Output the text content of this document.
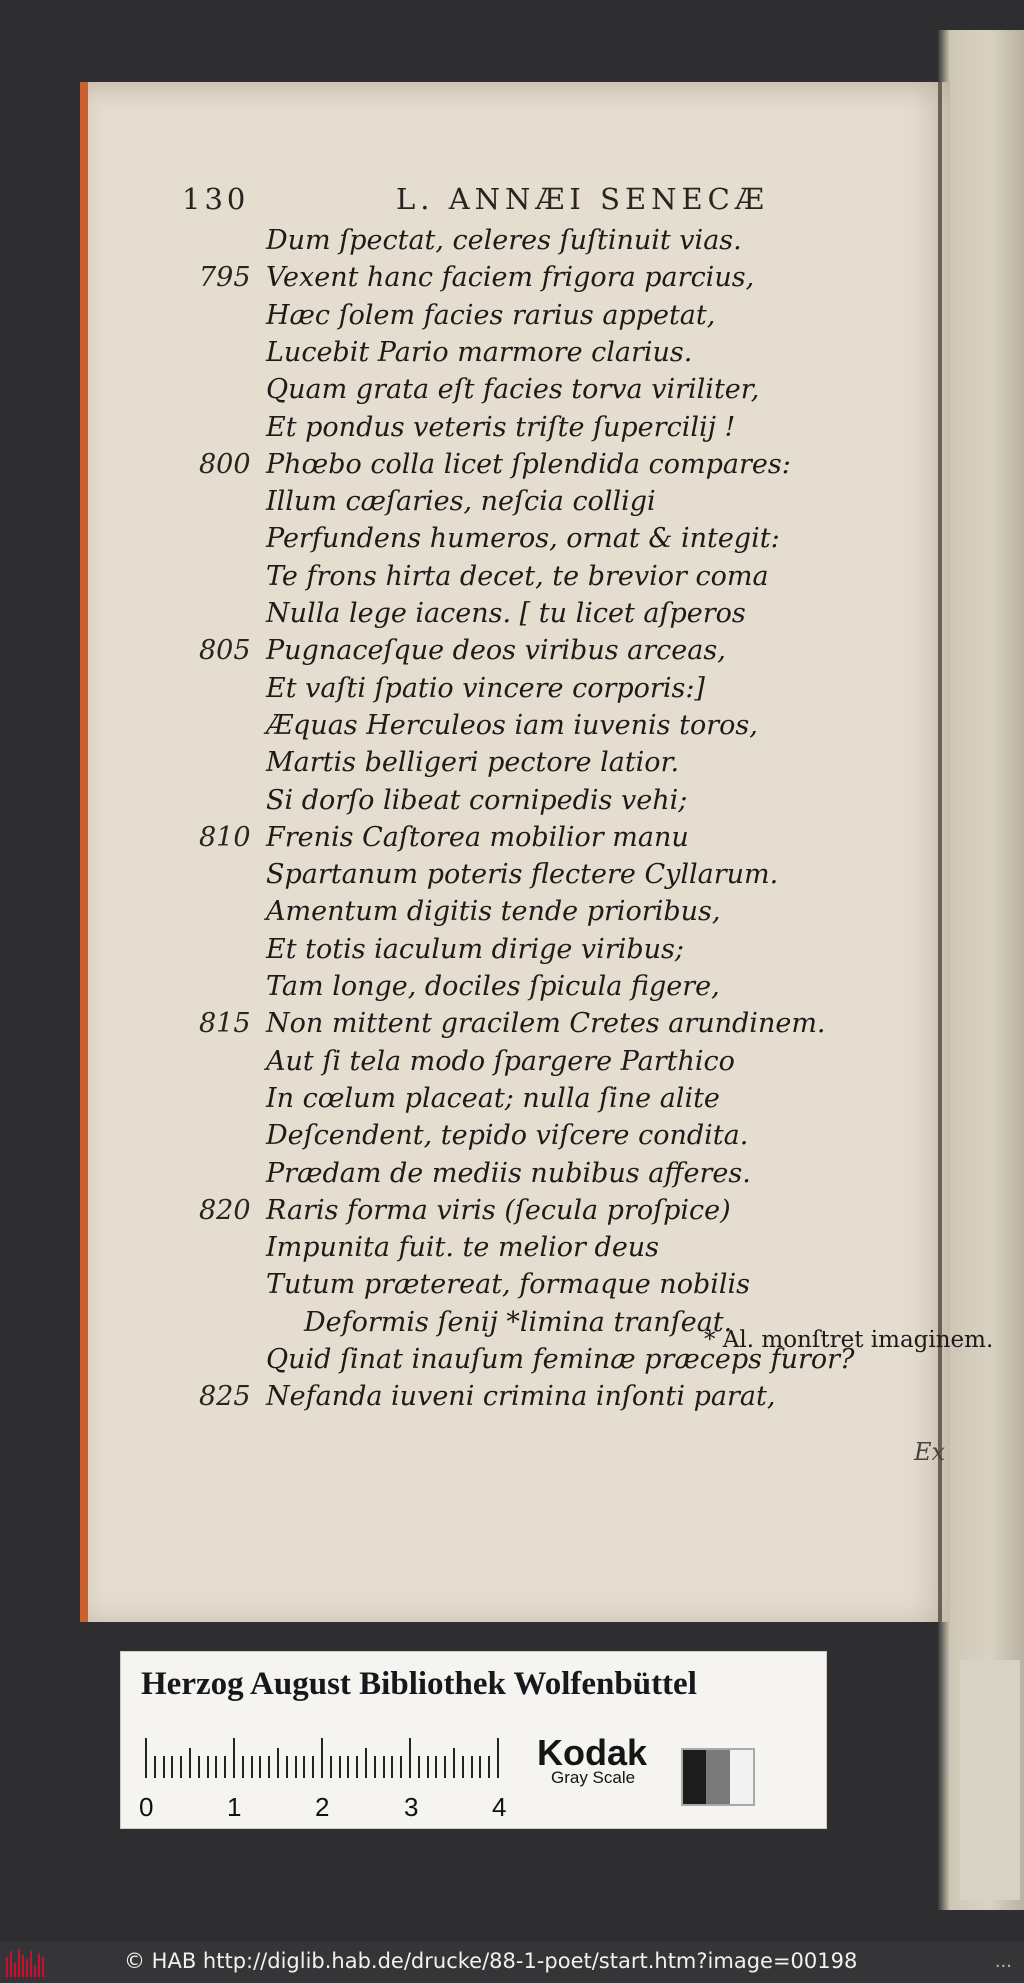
130	L. ANNÆI SENECÆ
Dum ſpectat, celeres ſuſtinuit vias.
795 Vexent hanc faciem frigora parcius,
Hæc ſolem facies rarius appetat,
Lucebit Pario marmore clarius.
Quam grata eſt facies torva viriliter,
Et pondus veteris triſte ſupercilij !
800 Phœbo colla licet ſplendida compares:
Illum cæſaries, neſcia colligi
Perfundens humeros, ornat & integit:
Te frons hirta decet, te brevior coma
Nulla lege iacens. [ tu licet aſperos
805 Pugnaceſque deos viribus arceas,
Et vaſti ſpatio vincere corporis:]
Æquas Herculeos iam iuvenis toros,
Martis belligeri pectore latior.
Si dorſo libeat cornipedis vehi;
810 Frenis Caſtorea mobilior manu
Spartanum poteris flectere Cyllarum.
Amentum digitis tende prioribus,
Et totis iaculum dirige viribus;
Tam longe, dociles ſpicula figere,
815 Non mittent gracilem Cretes arundinem.
Aut ſi tela modo ſpargere Parthico
In cœlum placeat; nulla ſine alite
Deſcendent, tepido viſcere condita.
Prædam de mediis nubibus afferes.
820 Raris forma viris (ſecula proſpice)
Impunita fuit. te melior deus
Tutum prætereat, formaque nobilis
Deformis ſenij *limina tranſeat.
Quid ſinat inauſum feminæ præceps furor?
825 Nefanda iuveni crimina inſonti parat,
* Al. monſtret imaginem.
Ex
Herzog August Bibliothek Wolfenbüttel
0	1	2	3	4
Kodak
Gray Scale
© HAB http://diglib.hab.de/drucke/88-1-poet/start.htm?image=00198	...
